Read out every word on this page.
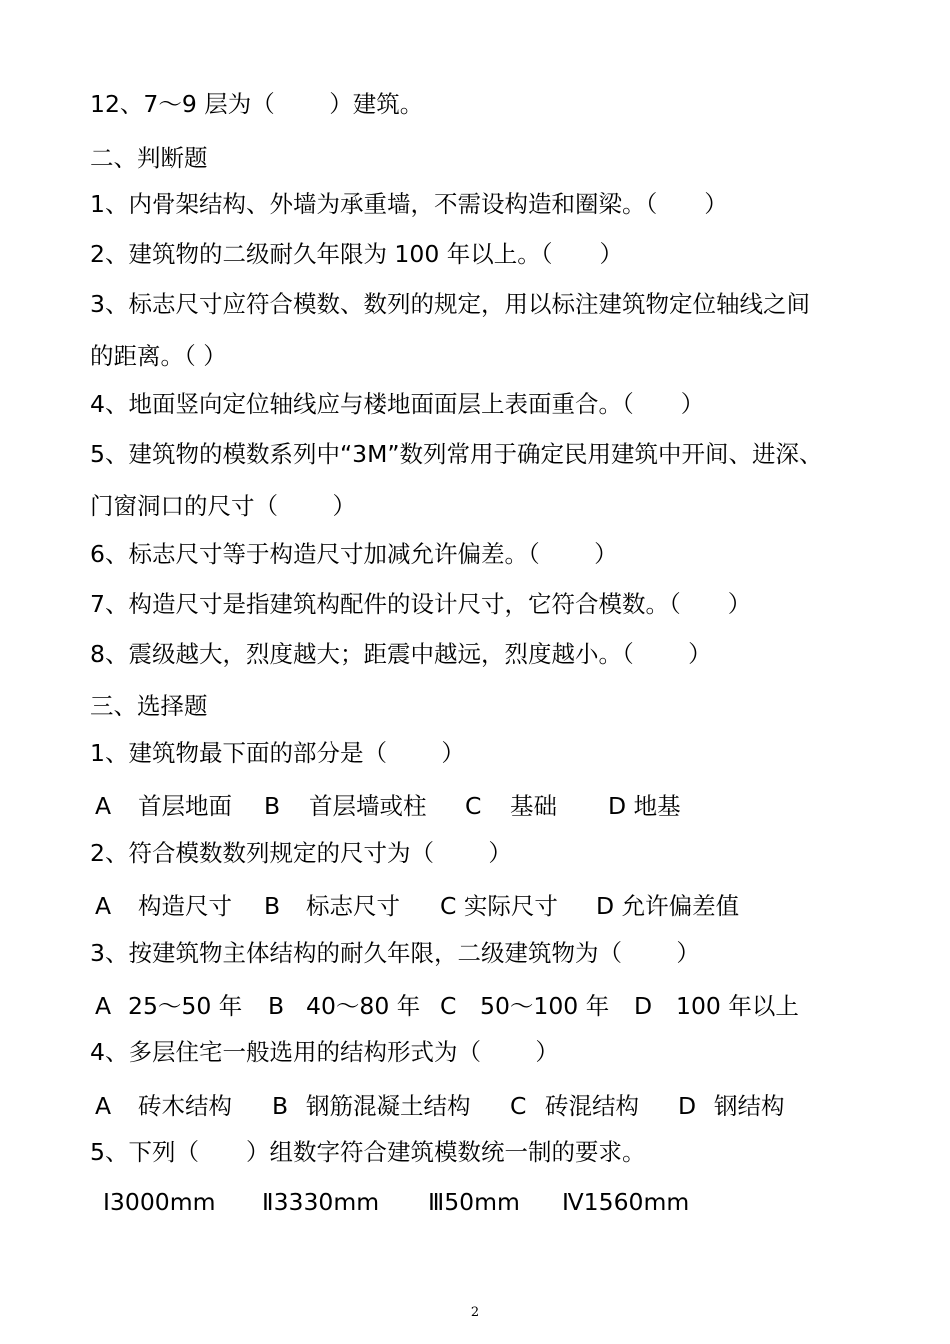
12、7～9 层为（　　 ）建筑。
二、判断题
1、内骨架结构、外墙为承重墙，不需设构造和圈梁。（　　）
2、建筑物的二级耐久年限为 100 年以上。（　　）
3、标志尺寸应符合模数、数列的规定，用以标注建筑物定位轴线之间
的距离。（ ）
4、地面竖向定位轴线应与楼地面面层上表面重合。（　　）
5、建筑物的模数系列中“3M”数列常用于确定民用建筑中开间、进深、
门窗洞口的尺寸（　　 ）
6、标志尺寸等于构造尺寸加减允许偏差。（　　 ）
7、构造尺寸是指建筑构配件的设计尺寸，它符合模数。（　　）
8、震级越大，烈度越大；距震中越远，烈度越小。（　　 ）
三、选择题
1、建筑物最下面的部分是（　　 ）
A 首层地面 B 首层墙或柱 C 基础 D 地基
2、符合模数数列规定的尺寸为（　　 ）
A 构造尺寸 B 标志尺寸 C 实际尺寸 D 允许偏差值
3、按建筑物主体结构的耐久年限，二级建筑物为（　　 ）
A 25～50 年 B 40～80 年 C 50～100 年 D 100 年以上
4、多层住宅一般选用的结构形式为（　　 ）
A 砖木结构 B 钢筋混凝土结构 C 砖混结构 D 钢结构
5、下列（　　）组数字符合建筑模数统一制的要求。
Ⅰ3000mm Ⅱ3330mm Ⅲ50mm Ⅳ1560mm
2
